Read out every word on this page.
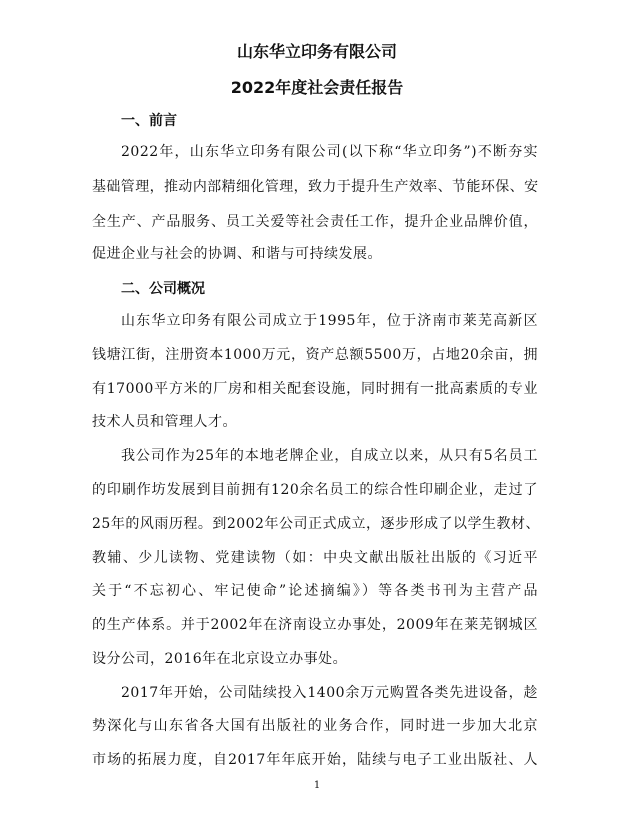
山东华立印务有限公司
2022年度社会责任报告
一、前言
2022年，山东华立印务有限公司(以下称“华立印务”)不断夯实
基础管理，推动内部精细化管理，致力于提升生产效率、节能环保、安
全生产、产品服务、员工关爱等社会责任工作，提升企业品牌价值，
促进企业与社会的协调、和谐与可持续发展。
二、公司概况
山东华立印务有限公司成立于1995年，位于济南市莱芜高新区
钱塘江街，注册资本1000万元，资产总额5500万，占地20余亩，拥
有17000平方米的厂房和相关配套设施，同时拥有一批高素质的专业
技术人员和管理人才。
我公司作为25年的本地老牌企业，自成立以来，从只有5名员工
的印刷作坊发展到目前拥有120余名员工的综合性印刷企业，走过了
25年的风雨历程。到2002年公司正式成立，逐步形成了以学生教材、
教辅、少儿读物、党建读物（如：中央文献出版社出版的《习近平
关于“不忘初心、牢记使命”论述摘编》）等各类书刊为主营产品
的生产体系。并于2002年在济南设立办事处，2009年在莱芜钢城区
设分公司，2016年在北京设立办事处。
2017年开始，公司陆续投入1400余万元购置各类先进设备，趁
势深化与山东省各大国有出版社的业务合作，同时进一步加大北京
市场的拓展力度，自2017年年底开始，陆续与电子工业出版社、人
1
